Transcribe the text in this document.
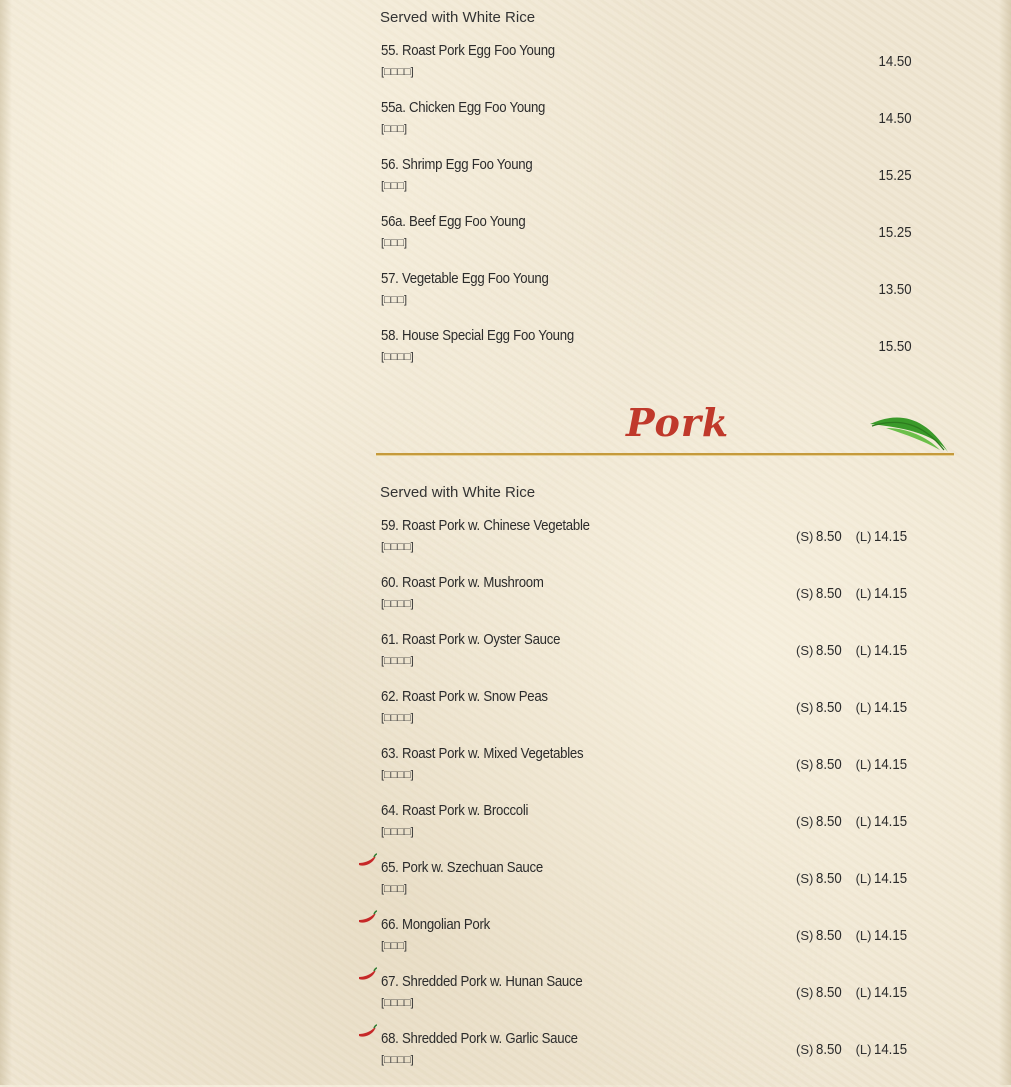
Served with White Rice
55. Roast Pork Egg Foo Young
[□□□□]
14.50
55a. Chicken Egg Foo Young
[□□□]
14.50
56. Shrimp Egg Foo Young
[□□□]
15.25
56a. Beef Egg Foo Young
[□□□]
15.25
57. Vegetable Egg Foo Young
[□□□]
13.50
58. House Special Egg Foo Young
[□□□□]
15.50
Pork
Served with White Rice
59. Roast Pork w. Chinese Vegetable
[□□□□]
(S) 8.50 (L) 14.15
60. Roast Pork w. Mushroom
[□□□□]
(S) 8.50 (L) 14.15
61. Roast Pork w. Oyster Sauce
[□□□□]
(S) 8.50 (L) 14.15
62. Roast Pork w. Snow Peas
[□□□□]
(S) 8.50 (L) 14.15
63. Roast Pork w. Mixed Vegetables
[□□□□]
(S) 8.50 (L) 14.15
64. Roast Pork w. Broccoli
[□□□□]
(S) 8.50 (L) 14.15
65. Pork w. Szechuan Sauce
[□□□]
(S) 8.50 (L) 14.15
66. Mongolian Pork
[□□□]
(S) 8.50 (L) 14.15
67. Shredded Pork w. Hunan Sauce
[□□□□]
(S) 8.50 (L) 14.15
68. Shredded Pork w. Garlic Sauce
[□□□□]
(S) 8.50 (L) 14.15
